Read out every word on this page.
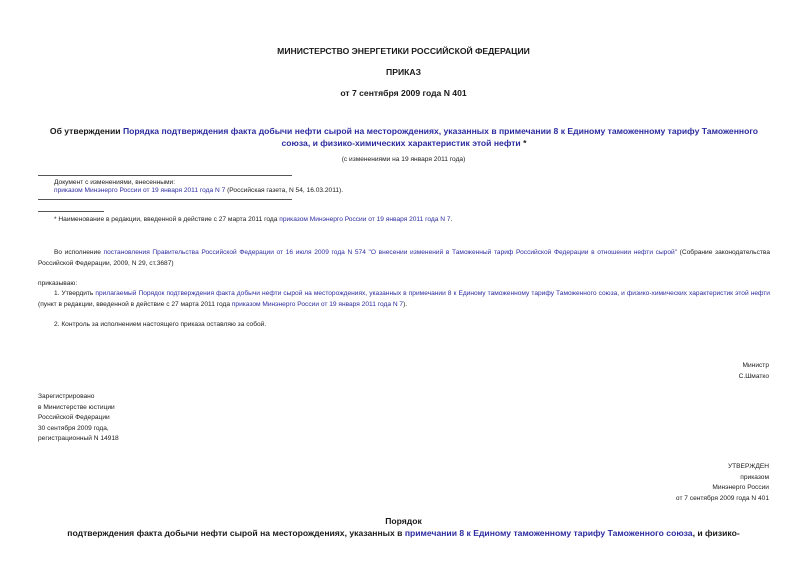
МИНИСТЕРСТВО ЭНЕРГЕТИКИ РОССИЙСКОЙ ФЕДЕРАЦИИ
ПРИКАЗ
от 7 сентября 2009 года N 401
Об утверждении Порядка подтверждения факта добычи нефти сырой на месторождениях, указанных в примечании 8 к Единому таможенному тарифу Таможенного союза, и физико-химических характеристик этой нефти *
(с изменениями на 19 января 2011 года)
Документ с изменениями, внесенными:
приказом Минэнерго России от 19 января 2011 года N 7 (Российская газета, N 54, 16.03.2011).
* Наименование в редакции, введенной в действие с 27 марта 2011 года приказом Минэнерго России от 19 января 2011 года N 7.
Во исполнение постановления Правительства Российской Федерации от 16 июля 2009 года N 574 "О внесении изменений в Таможенный тариф Российской Федерации в отношении нефти сырой" (Собрание законодательства Российской Федерации, 2009, N 29, ст.3687)
приказываю:
1. Утвердить прилагаемый Порядок подтверждения факта добычи нефти сырой на месторождениях, указанных в примечании 8 к Единому таможенному тарифу Таможенного союза, и физико-химических характеристик этой нефти (пункт в редакции, введенной в действие с 27 марта 2011 года приказом Минэнерго России от 19 января 2011 года N 7).
2. Контроль за исполнением настоящего приказа оставляю за собой.
Министр
С.Шматко
Зарегистрировано
в Министерстве юстиции
Российской Федерации
30 сентября 2009 года,
регистрационный N 14918
УТВЕРЖДЕН
приказом
Минэнерго России
от 7 сентября 2009 года N 401
Порядок
подтверждения факта добычи нефти сырой на месторождениях, указанных в примечании 8 к Единому таможенному тарифу Таможенного союза, и физико-
